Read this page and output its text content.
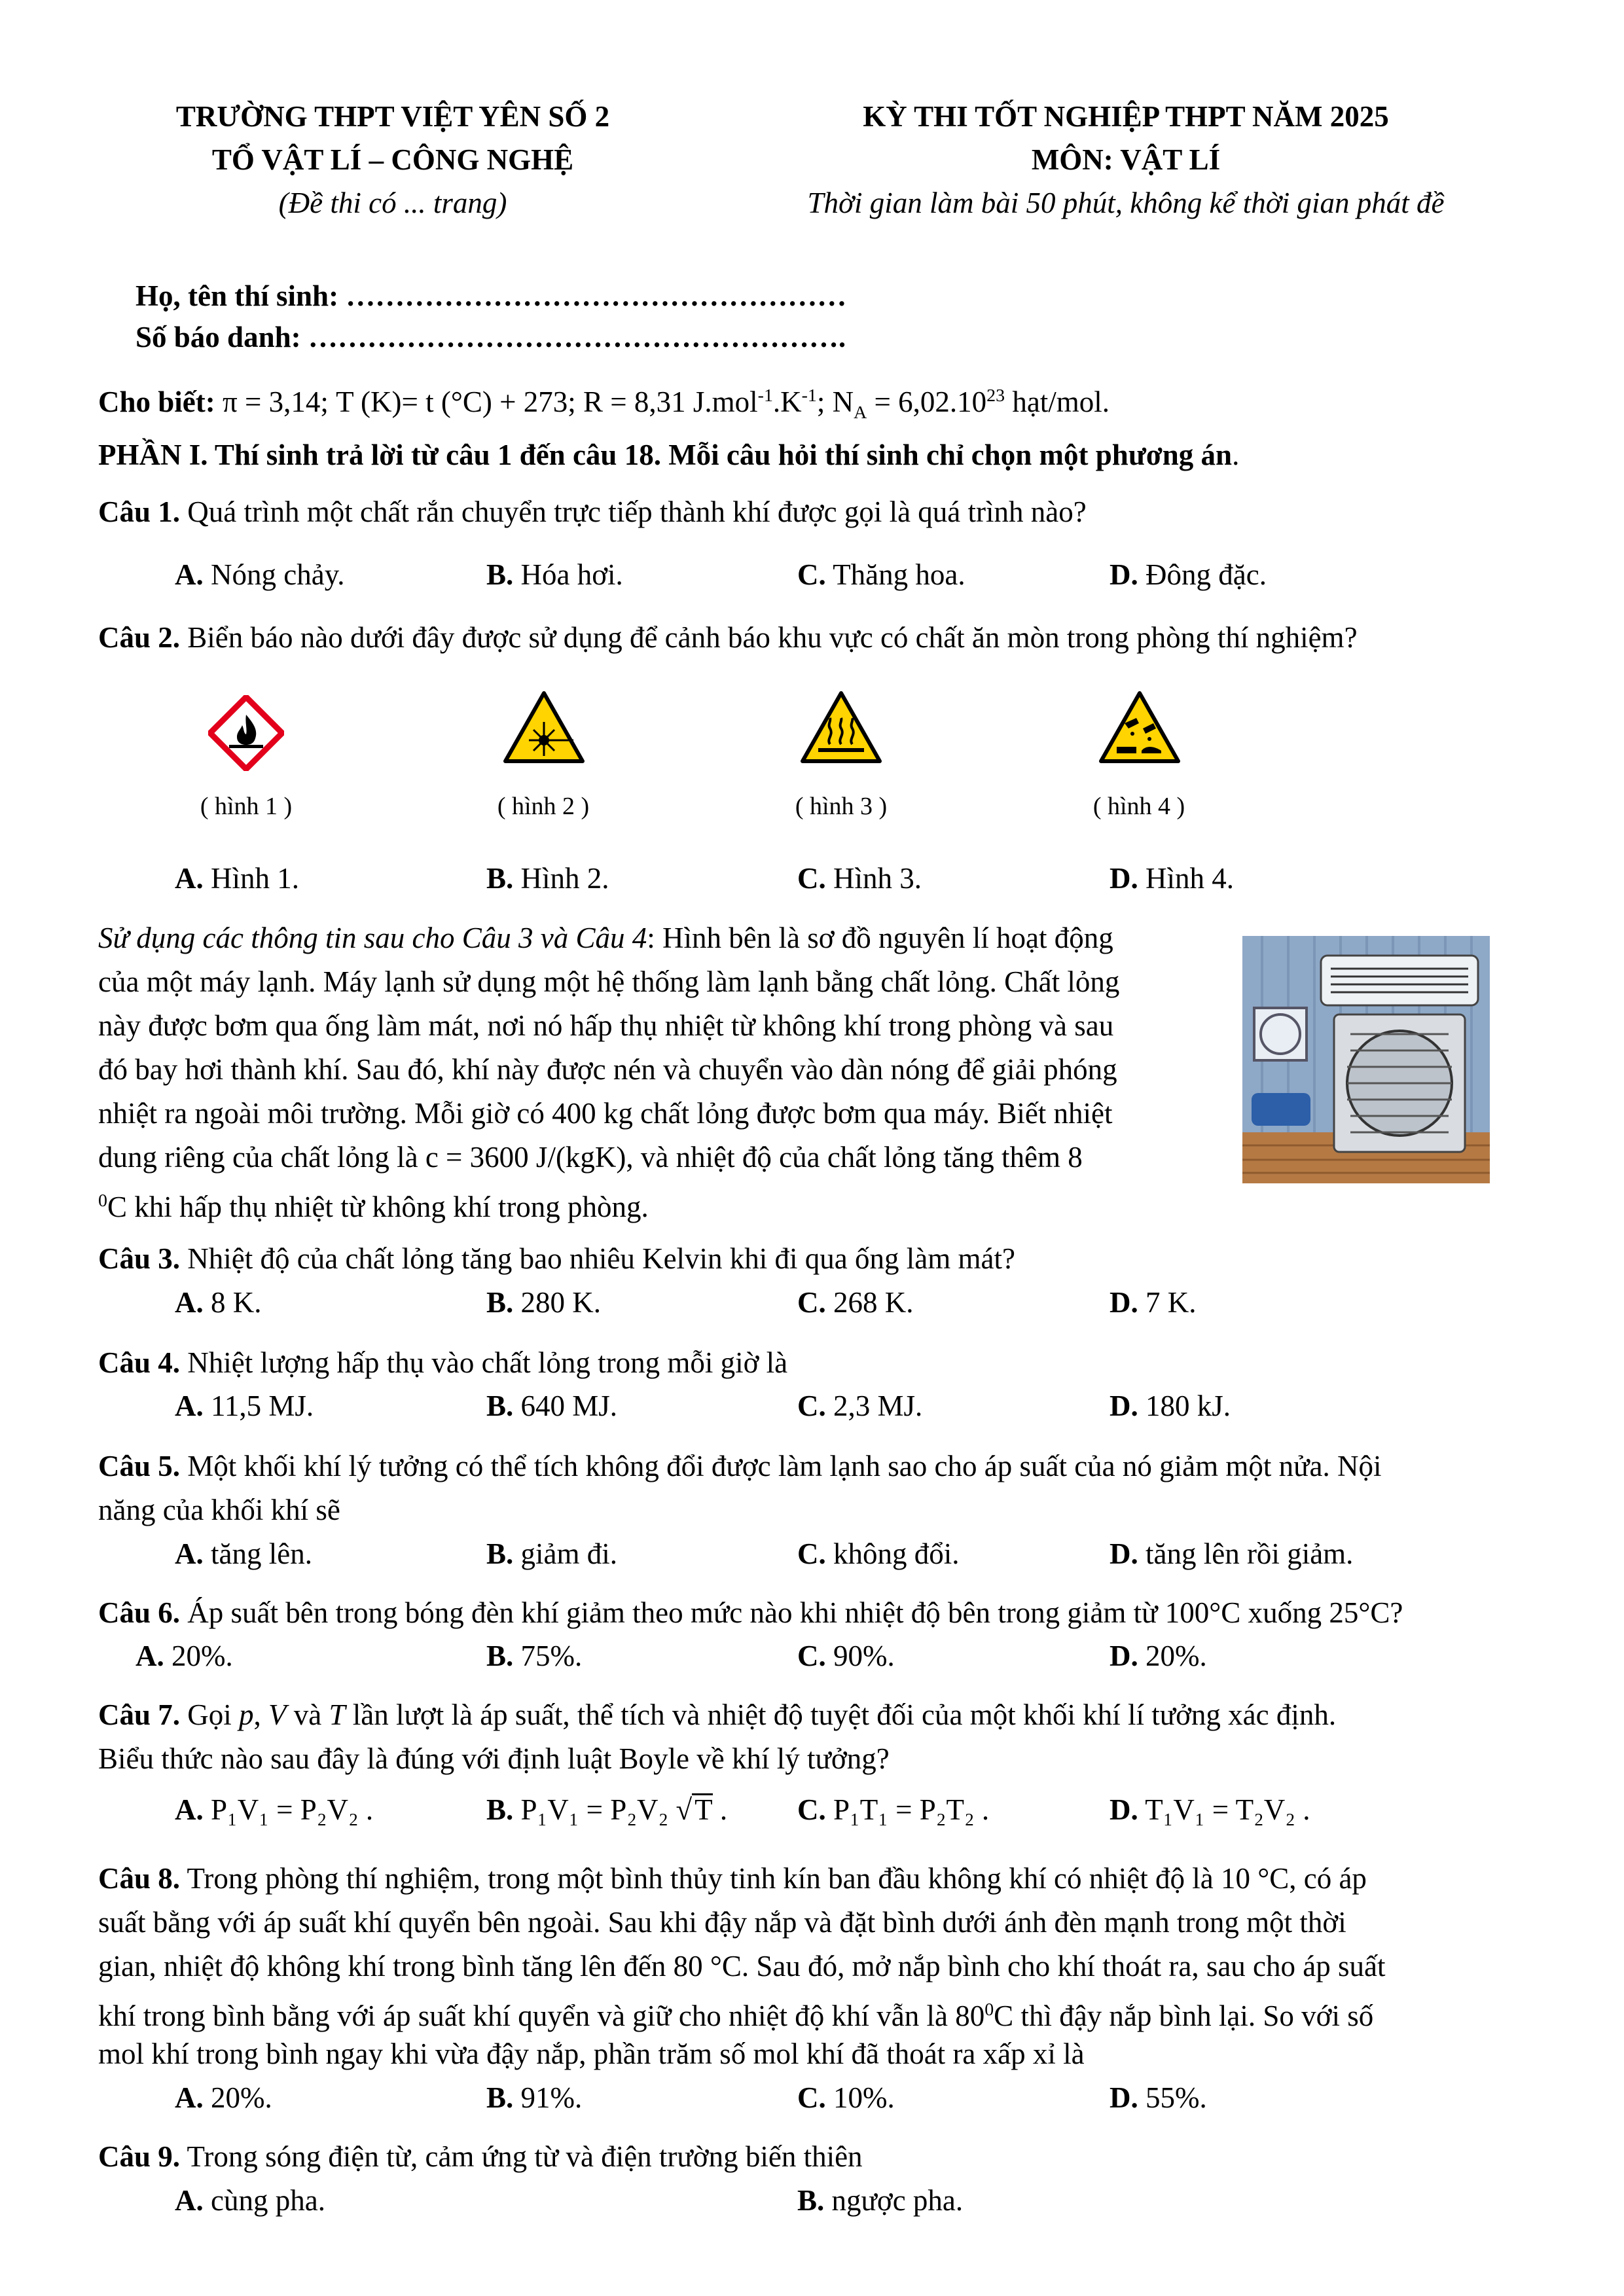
TRƯỜNG THPT VIỆT YÊN SỐ 2
TỔ VẬT LÍ – CÔNG NGHỆ
(Đề thi có ... trang)
KỲ THI TỐT NGHIỆP THPT NĂM 2025
MÔN: VẬT LÍ
Thời gian làm bài 50 phút, không kể thời gian phát đề
Họ, tên thí sinh: ……………………………………………
Số báo danh: ……………………………………………….
Cho biết: π = 3,14; T (K)= t (°C) + 273; R = 8,31 $J.mol^{-1}.K^{-1}$; $N_A = 6,02.10^{23}$ hạt/mol.
PHẦN I. Thí sinh trả lời từ câu 1 đến câu 18. Mỗi câu hỏi thí sinh chỉ chọn một phương án.
Câu 1. Quá trình một chất rắn chuyển trực tiếp thành khí được gọi là quá trình nào?
A. Nóng chảy.	B. Hóa hơi.	C. Thăng hoa.	D. Đông đặc.
Câu 2. Biển báo nào dưới đây được sử dụng để cảnh báo khu vực có chất ăn mòn trong phòng thí nghiệm?
( hình 1 )	( hình 2 )	( hình 3 )	( hình 4 )
A. Hình 1.	B. Hình 2.	C. Hình 3.	D. Hình 4.
Sử dụng các thông tin sau cho Câu 3 và Câu 4: Hình bên là sơ đồ nguyên lí hoạt động
của một máy lạnh. Máy lạnh sử dụng một hệ thống làm lạnh bằng chất lỏng. Chất lỏng
này được bơm qua ống làm mát, nơi nó hấp thụ nhiệt từ không khí trong phòng và sau
đó bay hơi thành khí. Sau đó, khí này được nén và chuyển vào dàn nóng để giải phóng
nhiệt ra ngoài môi trường. Mỗi giờ có 400 kg chất lỏng được bơm qua máy. Biết nhiệt
dung riêng của chất lỏng là c = 3600 J/(kgK), và nhiệt độ của chất lỏng tăng thêm 8
$^0$C khi hấp thụ nhiệt từ không khí trong phòng.
Câu 3. Nhiệt độ của chất lỏng tăng bao nhiêu Kelvin khi đi qua ống làm mát?
A. 8 K.	B. 280 K.	C. 268 K.	D. 7 K.
Câu 4. Nhiệt lượng hấp thụ vào chất lỏng trong mỗi giờ là
A. 11,5 MJ.	B. 640 MJ.	C. 2,3 MJ.	D. 180 kJ.
Câu 5. Một khối khí lý tưởng có thể tích không đổi được làm lạnh sao cho áp suất của nó giảm một nửa. Nội
năng của khối khí sẽ
A. tăng lên.	B. giảm đi.	C. không đổi.	D. tăng lên rồi giảm.
Câu 6. Áp suất bên trong bóng đèn khí giảm theo mức nào khi nhiệt độ bên trong giảm từ 100°C xuống 25°C?
A. 20%.	B. 75%.	C. 90%.	D. 20%.
Câu 7. Gọi p, V và T lần lượt là áp suất, thể tích và nhiệt độ tuyệt đối của một khối khí lí tưởng xác định.
Biểu thức nào sau đây là đúng với định luật Boyle về khí lý tưởng?
A. P₁V₁ = P₂V₂ .	B. P₁V₁ = P₂V₂ √T . C. P₁T₁ = P₂T₂ .	D. T₁V₁ = T₂V₂ .
Câu 8. Trong phòng thí nghiệm, trong một bình thủy tinh kín ban đầu không khí có nhiệt độ là 10 °C, có áp
suất bằng với áp suất khí quyển bên ngoài. Sau khi đậy nắp và đặt bình dưới ánh đèn mạnh trong một thời
gian, nhiệt độ không khí trong bình tăng lên đến 80 °C. Sau đó, mở nắp bình cho khí thoát ra, sau cho áp suất
khí trong bình bằng với áp suất khí quyển và giữ cho nhiệt độ khí vẫn là $80^0C$ thì đậy nắp bình lại. So với số
mol khí trong bình ngay khi vừa đậy nắp, phần trăm số mol khí đã thoát ra xấp xỉ là
A. 20%.	B. 91%.	C. 10%.	D. 55%.
Câu 9. Trong sóng điện từ, cảm ứng từ và điện trường biến thiên
A. cùng pha.	B. ngược pha.
